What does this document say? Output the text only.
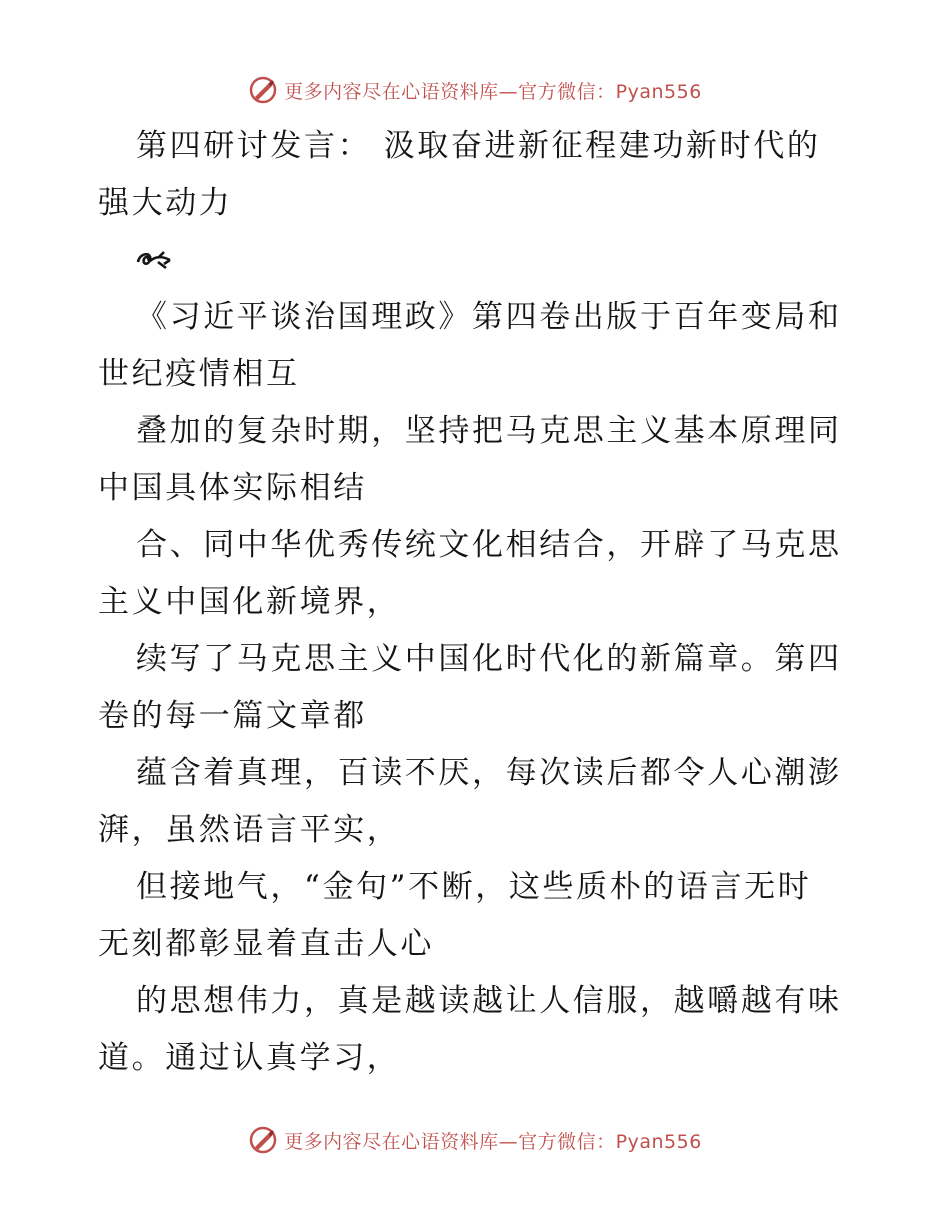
更多内容尽在心语资料库—官方微信：Pyan556
第四研讨发言： 汲取奋进新征程建功新时代的
强大动力
《习近平谈治国理政》第四卷出版于百年变局和
世纪疫情相互
叠加的复杂时期，坚持把马克思主义基本原理同
中国具体实际相结
合、同中华优秀传统文化相结合，开辟了马克思
主义中国化新境界，
续写了马克思主义中国化时代化的新篇章。第四
卷的每一篇文章都
蕴含着真理，百读不厌，每次读后都令人心潮澎
湃，虽然语言平实，
但接地气，“金句”不断，这些质朴的语言无时
无刻都彰显着直击人心
的思想伟力，真是越读越让人信服，越嚼越有味
道。通过认真学习，
更多内容尽在心语资料库—官方微信：Pyan556
